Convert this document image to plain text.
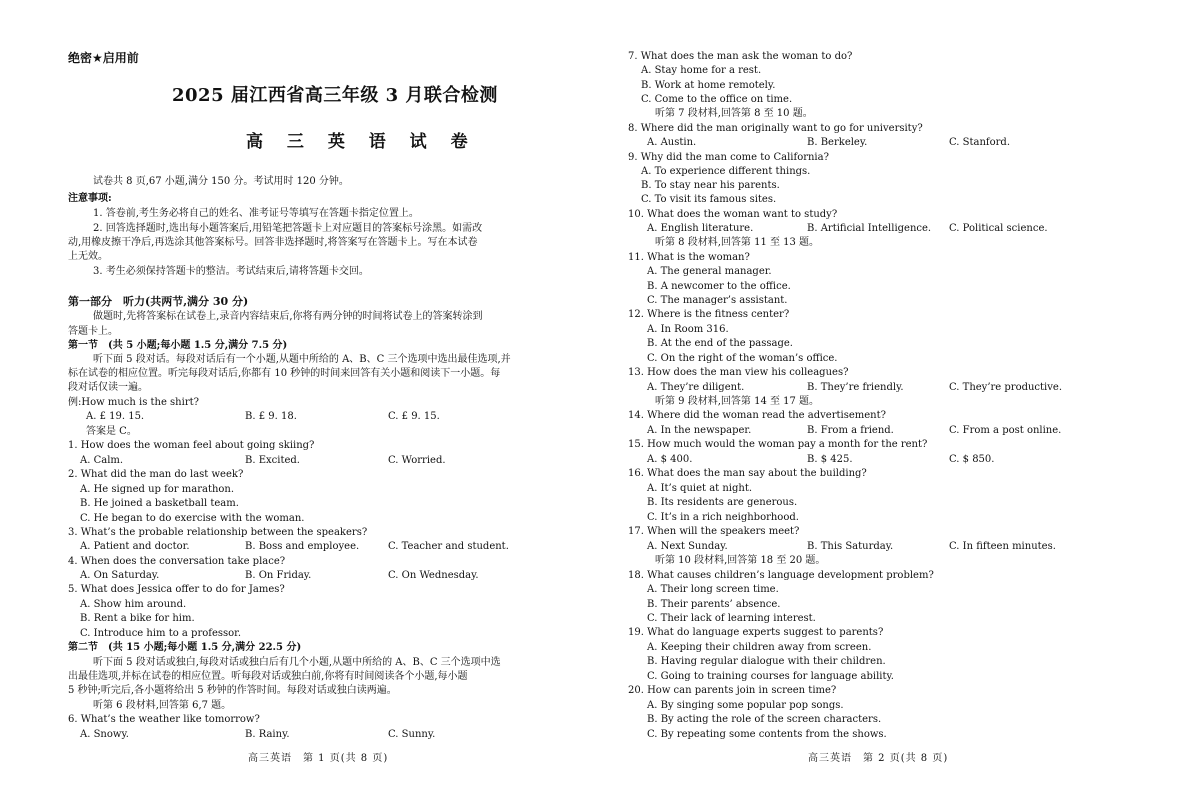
绝密★启用前
2025 届江西省高三年级 3 月联合检测
高 三 英 语 试 卷
试卷共 8 页,67 小题,满分 150 分。考试用时 120 分钟。
注意事项:
1. 答卷前,考生务必将自己的姓名、准考证号等填写在答题卡指定位置上。
2. 回答选择题时,选出每小题答案后,用铅笔把答题卡上对应题目的答案标号涂黑。如需改
动,用橡皮擦干净后,再选涂其他答案标号。回答非选择题时,将答案写在答题卡上。写在本试卷
上无效。
3. 考生必须保持答题卡的整洁。考试结束后,请将答题卡交回。
第一部分　听力(共两节,满分 30 分)
做题时,先将答案标在试卷上,录音内容结束后,你将有两分钟的时间将试卷上的答案转涂到
答题卡上。
第一节　(共 5 小题;每小题 1.5 分,满分 7.5 分)
听下面 5 段对话。每段对话后有一个小题,从题中所给的 A、B、C 三个选项中选出最佳选项,并
标在试卷的相应位置。听完每段对话后,你都有 10 秒钟的时间来回答有关小题和阅读下一小题。每
段对话仅读一遍。
例:How much is the shirt?
A. £ 19. 15.	B. £ 9. 18.	C. £ 9. 15.
答案是 C。
1. How does the woman feel about going skiing?
A. Calm.	B. Excited.	C. Worried.
2. What did the man do last week?
A. He signed up for marathon.
B. He joined a basketball team.
C. He began to do exercise with the woman.
3. What’s the probable relationship between the speakers?
A. Patient and doctor.	B. Boss and employee.	C. Teacher and student.
4. When does the conversation take place?
A. On Saturday.	B. On Friday.	C. On Wednesday.
5. What does Jessica offer to do for James?
A. Show him around.
B. Rent a bike for him.
C. Introduce him to a professor.
第二节　(共 15 小题;每小题 1.5 分,满分 22.5 分)
听下面 5 段对话或独白,每段对话或独白后有几个小题,从题中所给的 A、B、C 三个选项中选
出最佳选项,并标在试卷的相应位置。听每段对话或独白前,你将有时间阅读各个小题,每小题
5 秒钟;听完后,各小题将给出 5 秒钟的作答时间。每段对话或独白读两遍。
听第 6 段材料,回答第 6,7 题。
6. What’s the weather like tomorrow?
A. Snowy.	B. Rainy.	C. Sunny.
高三英语　第 1 页(共 8 页)
7. What does the man ask the woman to do?
A. Stay home for a rest.
B. Work at home remotely.
C. Come to the office on time.
听第 7 段材料,回答第 8 至 10 题。
8. Where did the man originally want to go for university?
A. Austin.	B. Berkeley.	C. Stanford.
9. Why did the man come to California?
A. To experience different things.
B. To stay near his parents.
C. To visit its famous sites.
10. What does the woman want to study?
A. English literature.	B. Artificial Intelligence. C. Political science.
听第 8 段材料,回答第 11 至 13 题。
11. What is the woman?
A. The general manager.
B. A newcomer to the office.
C. The manager’s assistant.
12. Where is the fitness center?
A. In Room 316.
B. At the end of the passage.
C. On the right of the woman’s office.
13. How does the man view his colleagues?
A. They’re diligent.	B. They’re friendly.	C. They’re productive.
听第 9 段材料,回答第 14 至 17 题。
14. Where did the woman read the advertisement?
A. In the newspaper.	B. From a friend.	C. From a post online.
15. How much would the woman pay a month for the rent?
A. $ 400.	B. $ 425.	C. $ 850.
16. What does the man say about the building?
A. It’s quiet at night.
B. Its residents are generous.
C. It’s in a rich neighborhood.
17. When will the speakers meet?
A. Next Sunday.	B. This Saturday.	C. In fifteen minutes.
听第 10 段材料,回答第 18 至 20 题。
18. What causes children’s language development problem?
A. Their long screen time.
B. Their parents’ absence.
C. Their lack of learning interest.
19. What do language experts suggest to parents?
A. Keeping their children away from screen.
B. Having regular dialogue with their children.
C. Going to training courses for language ability.
20. How can parents join in screen time?
A. By singing some popular pop songs.
B. By acting the role of the screen characters.
C. By repeating some contents from the shows.
高三英语　第 2 页(共 8 页)
